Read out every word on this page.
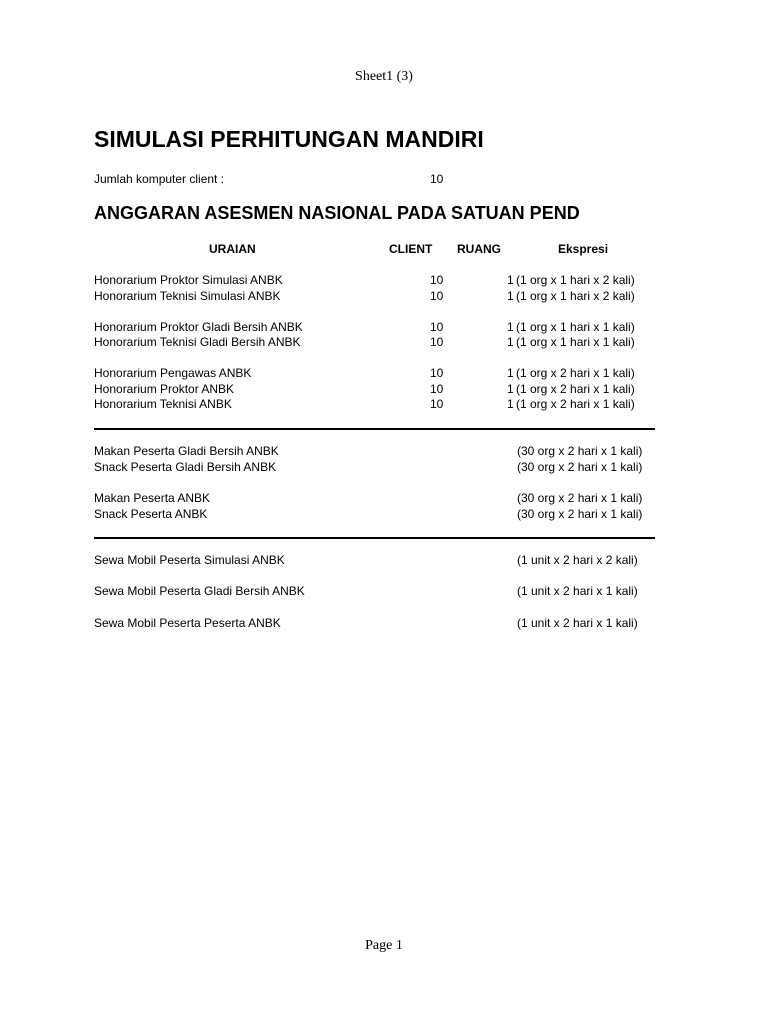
Sheet1 (3)
SIMULASI PERHITUNGAN MANDIRI
Jumlah komputer client :	10
ANGGARAN ASESMEN NASIONAL PADA SATUAN PEND
URAIAN	CLIENT RUANG	Ekspresi
Honorarium Proktor Simulasi ANBK	10	1 (1 org x 1 hari x 2 kali)
Honorarium Teknisi Simulasi ANBK	10	1 (1 org x 1 hari x 2 kali)
Honorarium Proktor Gladi Bersih ANBK	10	1 (1 org x 1 hari x 1 kali)
Honorarium Teknisi Gladi Bersih ANBK	10	1 (1 org x 1 hari x 1 kali)
Honorarium Pengawas ANBK	10	1 (1 org x 2 hari x 1 kali)
Honorarium Proktor ANBK	10	1 (1 org x 2 hari x 1 kali)
Honorarium Teknisi ANBK	10	1 (1 org x 2 hari x 1 kali)
Makan Peserta Gladi Bersih ANBK	(30 org x 2 hari x 1 kali)
Snack Peserta Gladi Bersih ANBK	(30 org x 2 hari x 1 kali)
Makan Peserta ANBK	(30 org x 2 hari x 1 kali)
Snack Peserta ANBK	(30 org x 2 hari x 1 kali)
Sewa Mobil Peserta Simulasi ANBK	(1 unit x 2 hari x 2 kali)
Sewa Mobil Peserta Gladi Bersih ANBK	(1 unit x 2 hari x 1 kali)
Sewa Mobil Peserta Peserta ANBK	(1 unit x 2 hari x 1 kali)
Page 1
